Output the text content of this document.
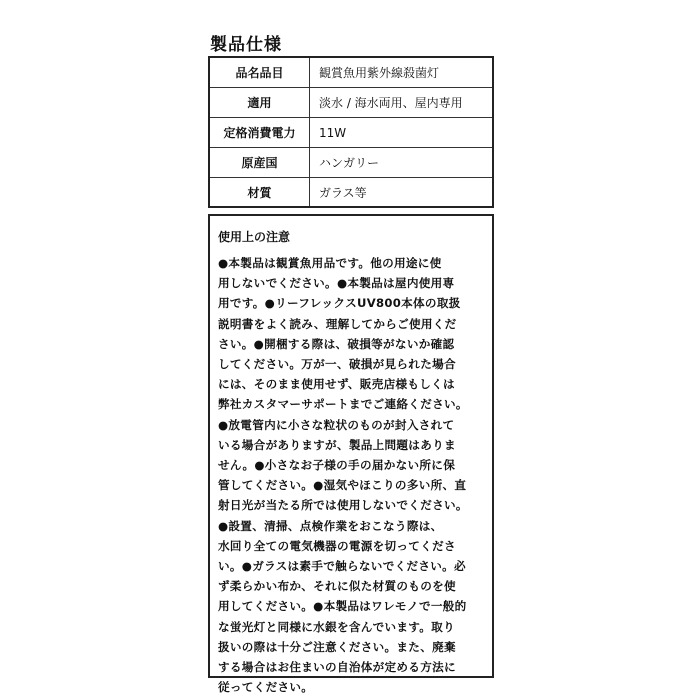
製品仕様
品名品目	観賞魚用紫外線殺菌灯
適用	淡水 / 海水両用、屋内専用
定格消費電力	11W
原産国	ハンガリー
材質	ガラス等
使用上の注意
●本製品は観賞魚用品です。他の用途に使
用しないでください。●本製品は屋内使用専
用です。●リーフレックスUV800本体の取扱
説明書をよく読み、理解してからご使用くだ
さい。●開梱する際は、破損等がないか確認
してください。万が一、破損が見られた場合
には、そのまま使用せず、販売店様もしくは
弊社カスタマーサポートまでご連絡ください。
●放電管内に小さな粒状のものが封入されて
いる場合がありますが、製品上問題はありま
せん。●小さなお子様の手の届かない所に保
管してください。●湿気やほこりの多い所、直
射日光が当たる所では使用しないでください。
●設置、清掃、点検作業をおこなう際は、
水回り全ての電気機器の電源を切ってくださ
い。●ガラスは素手で触らないでください。必
ず柔らかい布か、それに似た材質のものを使
用してください。●本製品はワレモノで一般的
な蛍光灯と同様に水銀を含んでいます。取り
扱いの際は十分ご注意ください。また、廃棄
する場合はお住まいの自治体が定める方法に
従ってください。
